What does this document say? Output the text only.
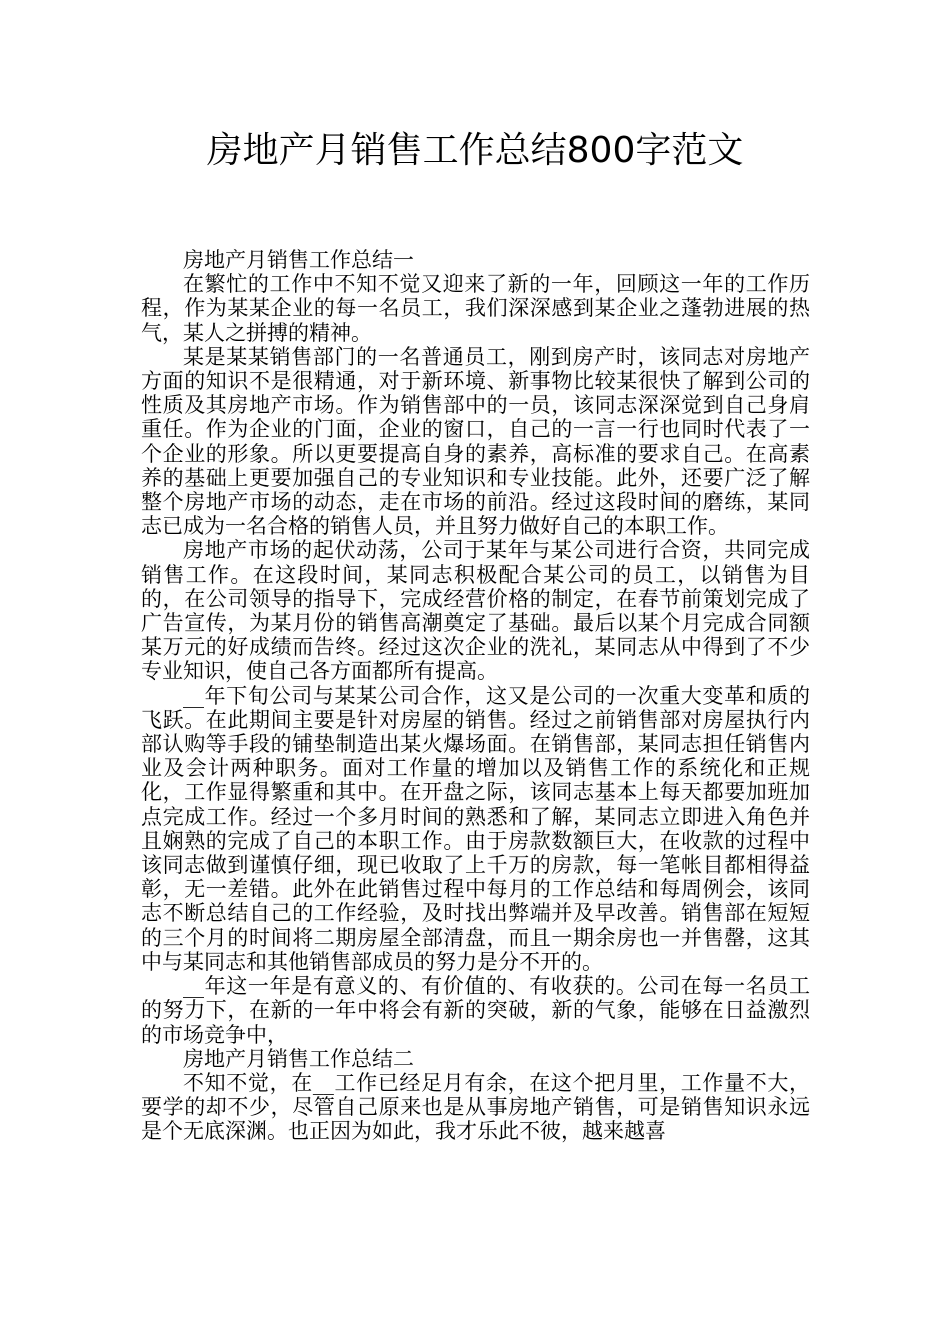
房地产月销售工作总结800字范文

房地产月销售工作总结一

在繁忙的工作中不知不觉又迎来了新的一年，回顾这一年的工作历程，作为某某企业的每一名员工，我们深深感到某企业之蓬勃进展的热气，某人之拼搏的精神。

某是某某销售部门的一名普通员工，刚到房产时，该同志对房地产方面的知识不是很精通，对于新环境、新事物比较某很快了解到公司的性质及其房地产市场。作为销售部中的一员，该同志深深觉到自己身肩重任。作为企业的门面，企业的窗口，自己的一言一行也同时代表了一个企业的形象。所以更要提高自身的素养，高标准的要求自己。在高素养的基础上更要加强自己的专业知识和专业技能。此外，还要广泛了解整个房地产市场的动态，走在市场的前沿。经过这段时间的磨练，某同志已成为一名合格的销售人员，并且努力做好自己的本职工作。

房地产市场的起伏动荡，公司于某年与某公司进行合资，共同完成销售工作。在这段时间，某同志积极配合某公司的员工，以销售为目的，在公司领导的指导下，完成经营价格的制定，在春节前策划完成了广告宣传，为某月份的销售高潮奠定了基础。最后以某个月完成合同额某万元的好成绩而告终。经过这次企业的洗礼，某同志从中得到了不少专业知识，使自己各方面都所有提高。

__年下旬公司与某某公司合作，这又是公司的一次重大变革和质的飞跃。在此期间主要是针对房屋的销售。经过之前销售部对房屋执行内部认购等手段的铺垫制造出某火爆场面。在销售部，某同志担任销售内业及会计两种职务。面对工作量的增加以及销售工作的系统化和正规化，工作显得繁重和其中。在开盘之际，该同志基本上每天都要加班加点完成工作。经过一个多月时间的熟悉和了解，某同志立即进入角色并且娴熟的完成了自己的本职工作。由于房款数额巨大，在收款的过程中该同志做到谨慎仔细，现已收取了上千万的房款，每一笔帐目都相得益彰，无一差错。此外在此销售过程中每月的工作总结和每周例会，该同志不断总结自己的工作经验，及时找出弊端并及早改善。销售部在短短的三个月的时间将二期房屋全部清盘，而且一期余房也一并售罄，这其中与某同志和其他销售部成员的努力是分不开的。

__年这一年是有意义的、有价值的、有收获的。公司在每一名员工的努力下，在新的一年中将会有新的突破，新的气象，能够在日益激烈的市场竞争中，

房地产月销售工作总结二

不知不觉，在__工作已经足月有余，在这个把月里，工作量不大，要学的却不少，尽管自己原来也是从事房地产销售，可是销售知识永远是个无底深渊。也正因为如此，我才乐此不彼，越来越喜
